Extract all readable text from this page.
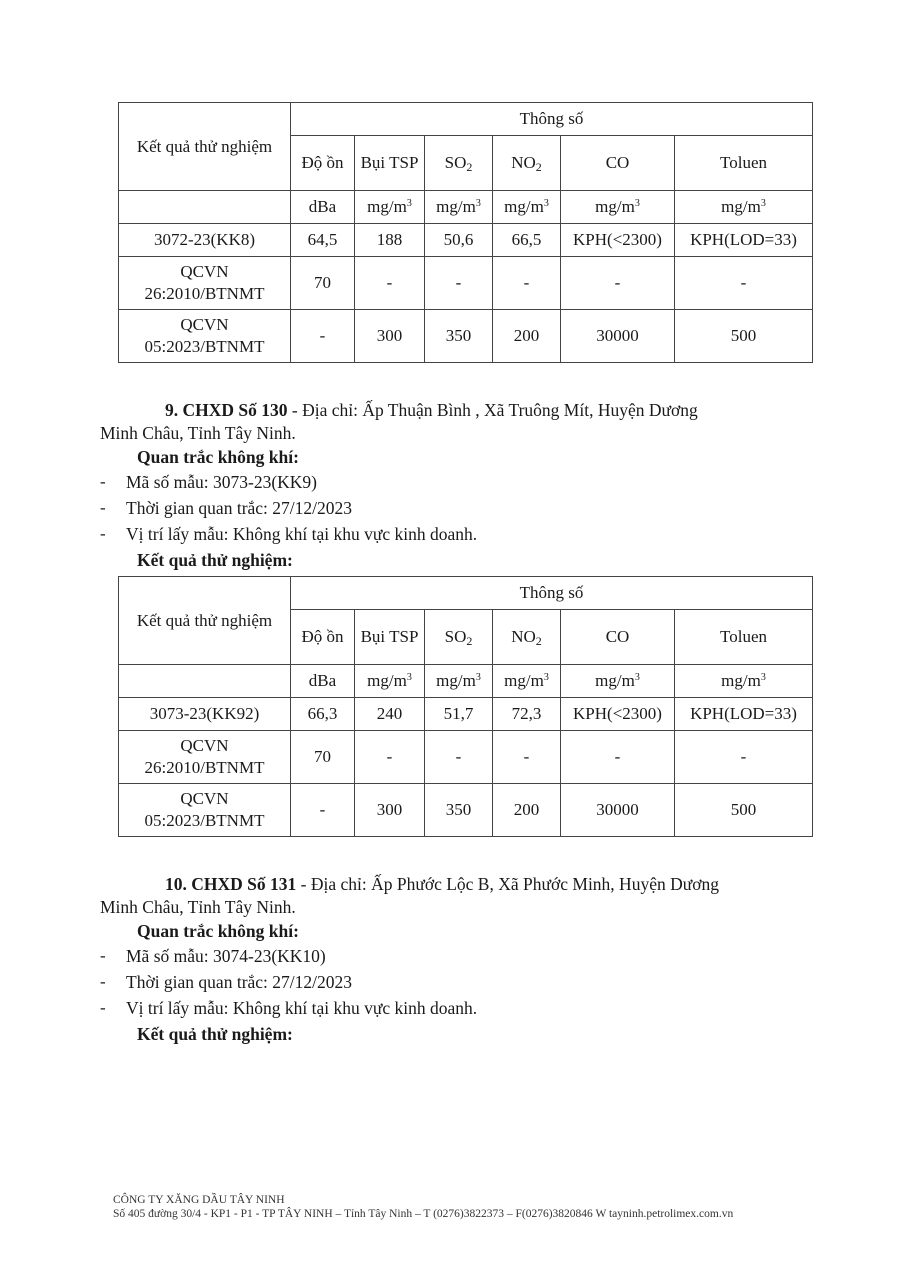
Kết quả thử nghiệm	Thông số					
	Độ ồn	Bụi TSP	$SO_2$	$NO_2$	CO	Toluen
	dBa	$mg/m^3$	$mg/m^3$	$mg/m^3$	$mg/m^3$	$mg/m^3$
3072-23(KK8)	64,5	188	50,6	66,5	KPH(<2300)	KPH(LOD=33)
QCVN 26:2010/BTNMT	70	-	-	-	-	-
QCVN 05:2023/BTNMT	-	300	350	200	30000	500
9. CHXD Số 130 - Địa chỉ: Ấp Thuận Bình , Xã Truông Mít, Huyện Dương
Minh Châu, Tỉnh Tây Ninh.
Quan trắc không khí:
- Mã số mẫu: 3073-23(KK9)
- Thời gian quan trắc: 27/12/2023
- Vị trí lấy mẫu: Không khí tại khu vực kinh doanh.
Kết quả thử nghiệm:
Kết quả thử nghiệm	Thông số					
	Độ ồn	Bụi TSP	$SO_2$	$NO_2$	CO	Toluen
	dBa	$mg/m^3$	$mg/m^3$	$mg/m^3$	$mg/m^3$	$mg/m^3$
3073-23(KK92)	66,3	240	51,7	72,3	KPH(<2300)	KPH(LOD=33)
QCVN 26:2010/BTNMT	70	-	-	-	-	-
QCVN 05:2023/BTNMT	-	300	350	200	30000	500
10. CHXD Số 131 - Địa chỉ: Ấp Phước Lộc B, Xã Phước Minh, Huyện Dương
Minh Châu, Tỉnh Tây Ninh.
Quan trắc không khí:
- Mã số mẫu: 3074-23(KK10)
- Thời gian quan trắc: 27/12/2023
- Vị trí lấy mẫu: Không khí tại khu vực kinh doanh.
Kết quả thử nghiệm:
CÔNG TY XĂNG DẦU TÂY NINH
Số 405 đường 30/4 - KP1 - P1 - TP TÂY NINH – Tỉnh Tây Ninh – T (0276)3822373 – F(0276)3820846 W tayninh.petrolimex.com.vn
